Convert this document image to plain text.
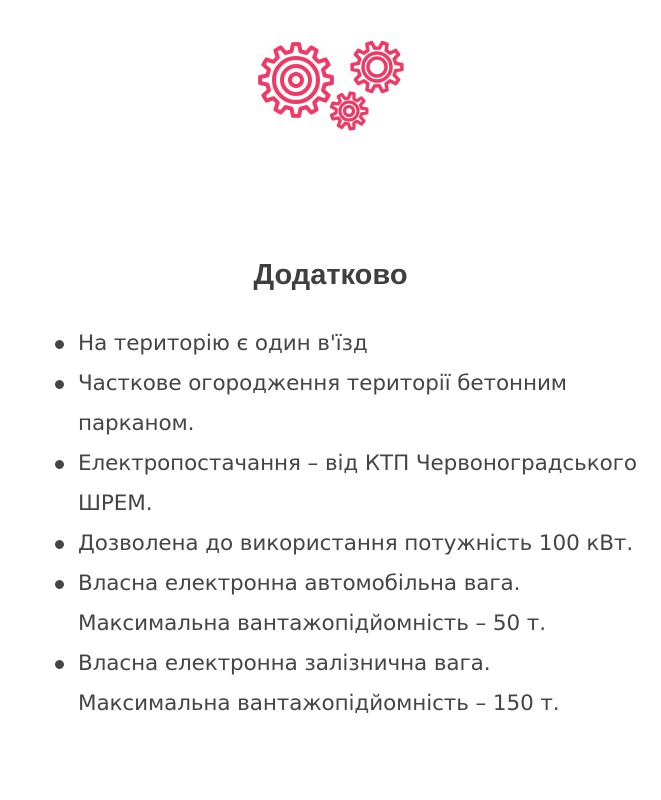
Додатково
На територію є один в'їзд
Часткове огородження території бетонним парканом.
Електропостачання – від КТП Червоноградського ШРЕМ.
Дозволена до використання потужність 100 кВт.
Власна електронна автомобільна вага. Максимальна вантажопідйомність – 50 т.
Власна електронна залізнична вага. Максимальна вантажопідйомність – 150 т.
